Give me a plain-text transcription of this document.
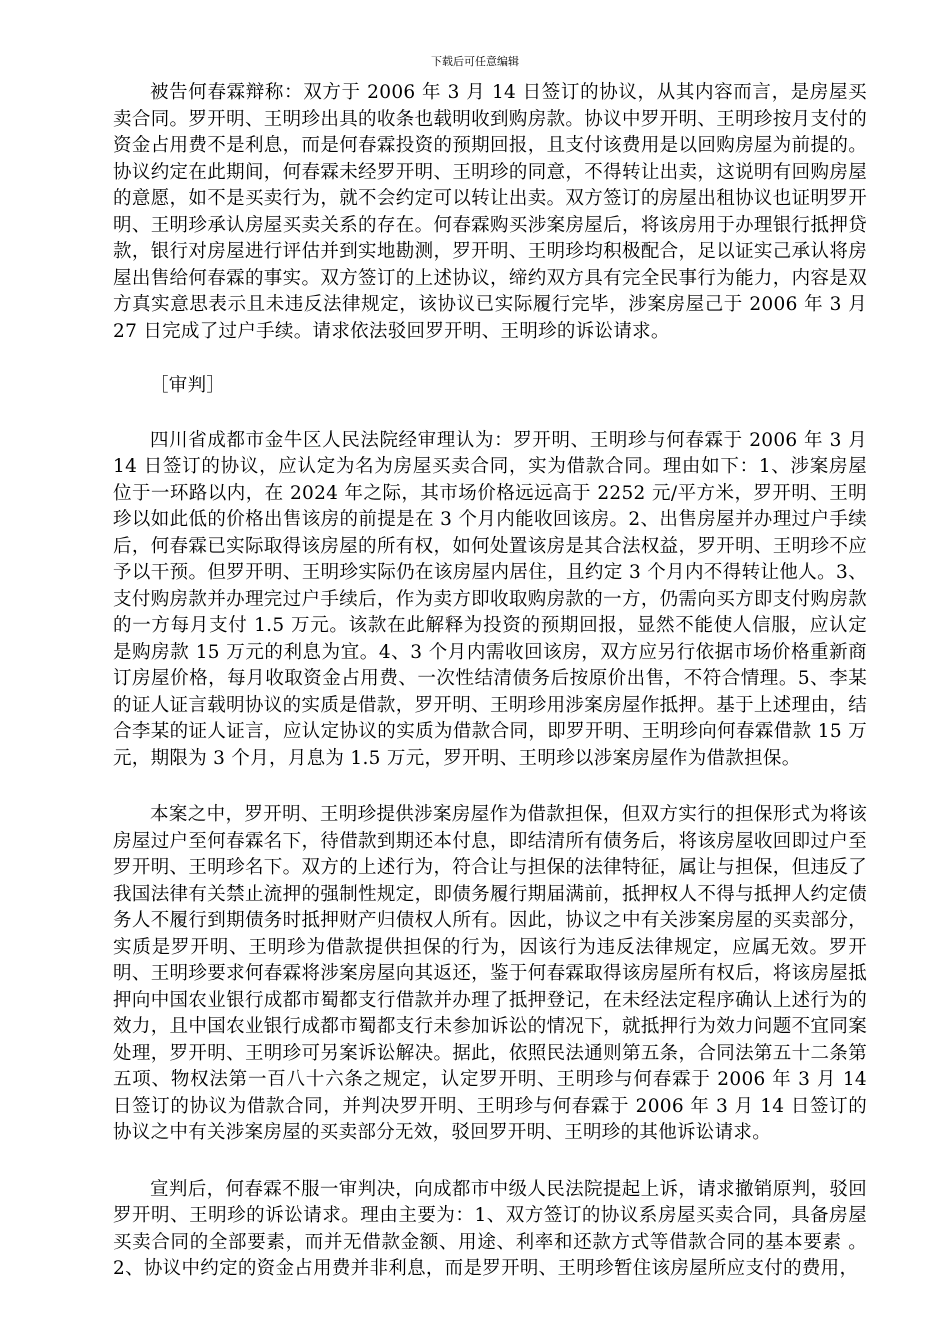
下载后可任意编辑

被告何春霖辩称：双方于 2006 年 3 月 14 日签订的协议，从其内容而言，是房屋买卖合同。罗开明、王明珍出具的收条也载明收到购房款。协议中罗开明、王明珍按月支付的资金占用费不是利息，而是何春霖投资的预期回报，且支付该费用是以回购房屋为前提的。协议约定在此期间，何春霖未经罗开明、王明珍的同意，不得转让出卖，这说明有回购房屋的意愿，如不是买卖行为，就不会约定可以转让出卖。双方签订的房屋出租协议也证明罗开明、王明珍承认房屋买卖关系的存在。何春霖购买涉案房屋后，将该房用于办理银行抵押贷款，银行对房屋进行评估并到实地勘测，罗开明、王明珍均积极配合，足以证实己承认将房屋出售给何春霖的事实。双方签订的上述协议，缔约双方具有完全民事行为能力，内容是双方真实意思表示且未违反法律规定，该协议已实际履行完毕，涉案房屋己于 2006 年 3 月 27 日完成了过户手续。请求依法驳回罗开明、王明珍的诉讼请求。

［审判］

四川省成都市金牛区人民法院经审理认为：罗开明、王明珍与何春霖于 2006 年 3 月 14 日签订的协议，应认定为名为房屋买卖合同，实为借款合同。理由如下：1、涉案房屋位于一环路以内，在 2024 年之际，其市场价格远远高于 2252 元/平方米，罗开明、王明珍以如此低的价格出售该房的前提是在 3 个月内能收回该房。2、出售房屋并办理过户手续后，何春霖已实际取得该房屋的所有权，如何处置该房是其合法权益，罗开明、王明珍不应予以干预。但罗开明、王明珍实际仍在该房屋内居住，且约定 3 个月内不得转让他人。3、支付购房款并办理完过户手续后，作为卖方即收取购房款的一方，仍需向买方即支付购房款的一方每月支付 1.5 万元。该款在此解释为投资的预期回报，显然不能使人信服，应认定是购房款 15 万元的利息为宜。4、3 个月内需收回该房，双方应另行依据市场价格重新商订房屋价格，每月收取资金占用费、一次性结清债务后按原价出售，不符合情理。5、李某的证人证言载明协议的实质是借款，罗开明、王明珍用涉案房屋作抵押。基于上述理由，结合李某的证人证言，应认定协议的实质为借款合同，即罗开明、王明珍向何春霖借款 15 万元，期限为 3 个月，月息为 1.5 万元，罗开明、王明珍以涉案房屋作为借款担保。

本案之中，罗开明、王明珍提供涉案房屋作为借款担保，但双方实行的担保形式为将该房屋过户至何春霖名下，待借款到期还本付息，即结清所有债务后，将该房屋收回即过户至罗开明、王明珍名下。双方的上述行为，符合让与担保的法律特征，属让与担保，但违反了我国法律有关禁止流押的强制性规定，即债务履行期届满前，抵押权人不得与抵押人约定债务人不履行到期债务时抵押财产归债权人所有。因此，协议之中有关涉案房屋的买卖部分，实质是罗开明、王明珍为借款提供担保的行为，因该行为违反法律规定，应属无效。罗开明、王明珍要求何春霖将涉案房屋向其返还，鉴于何春霖取得该房屋所有权后，将该房屋抵押向中国农业银行成都市蜀都支行借款并办理了抵押登记，在未经法定程序确认上述行为的效力，且中国农业银行成都市蜀都支行未参加诉讼的情况下，就抵押行为效力问题不宜同案处理，罗开明、王明珍可另案诉讼解决。据此，依照民法通则第五条，合同法第五十二条第五项、物权法第一百八十六条之规定，认定罗开明、王明珍与何春霖于 2006 年 3 月 14 日签订的协议为借款合同，并判决罗开明、王明珍与何春霖于 2006 年 3 月 14 日签订的协议之中有关涉案房屋的买卖部分无效，驳回罗开明、王明珍的其他诉讼请求。

宣判后，何春霖不服一审判决，向成都市中级人民法院提起上诉，请求撤销原判，驳回罗开明、王明珍的诉讼请求。理由主要为：1、双方签订的协议系房屋买卖合同，具备房屋买卖合同的全部要素，而并无借款金额、用途、利率和还款方式等借款合同的基本要素 。2、协议中约定的资金占用费并非利息，而是罗开明、王明珍暂住该房屋所应支付的费用，
